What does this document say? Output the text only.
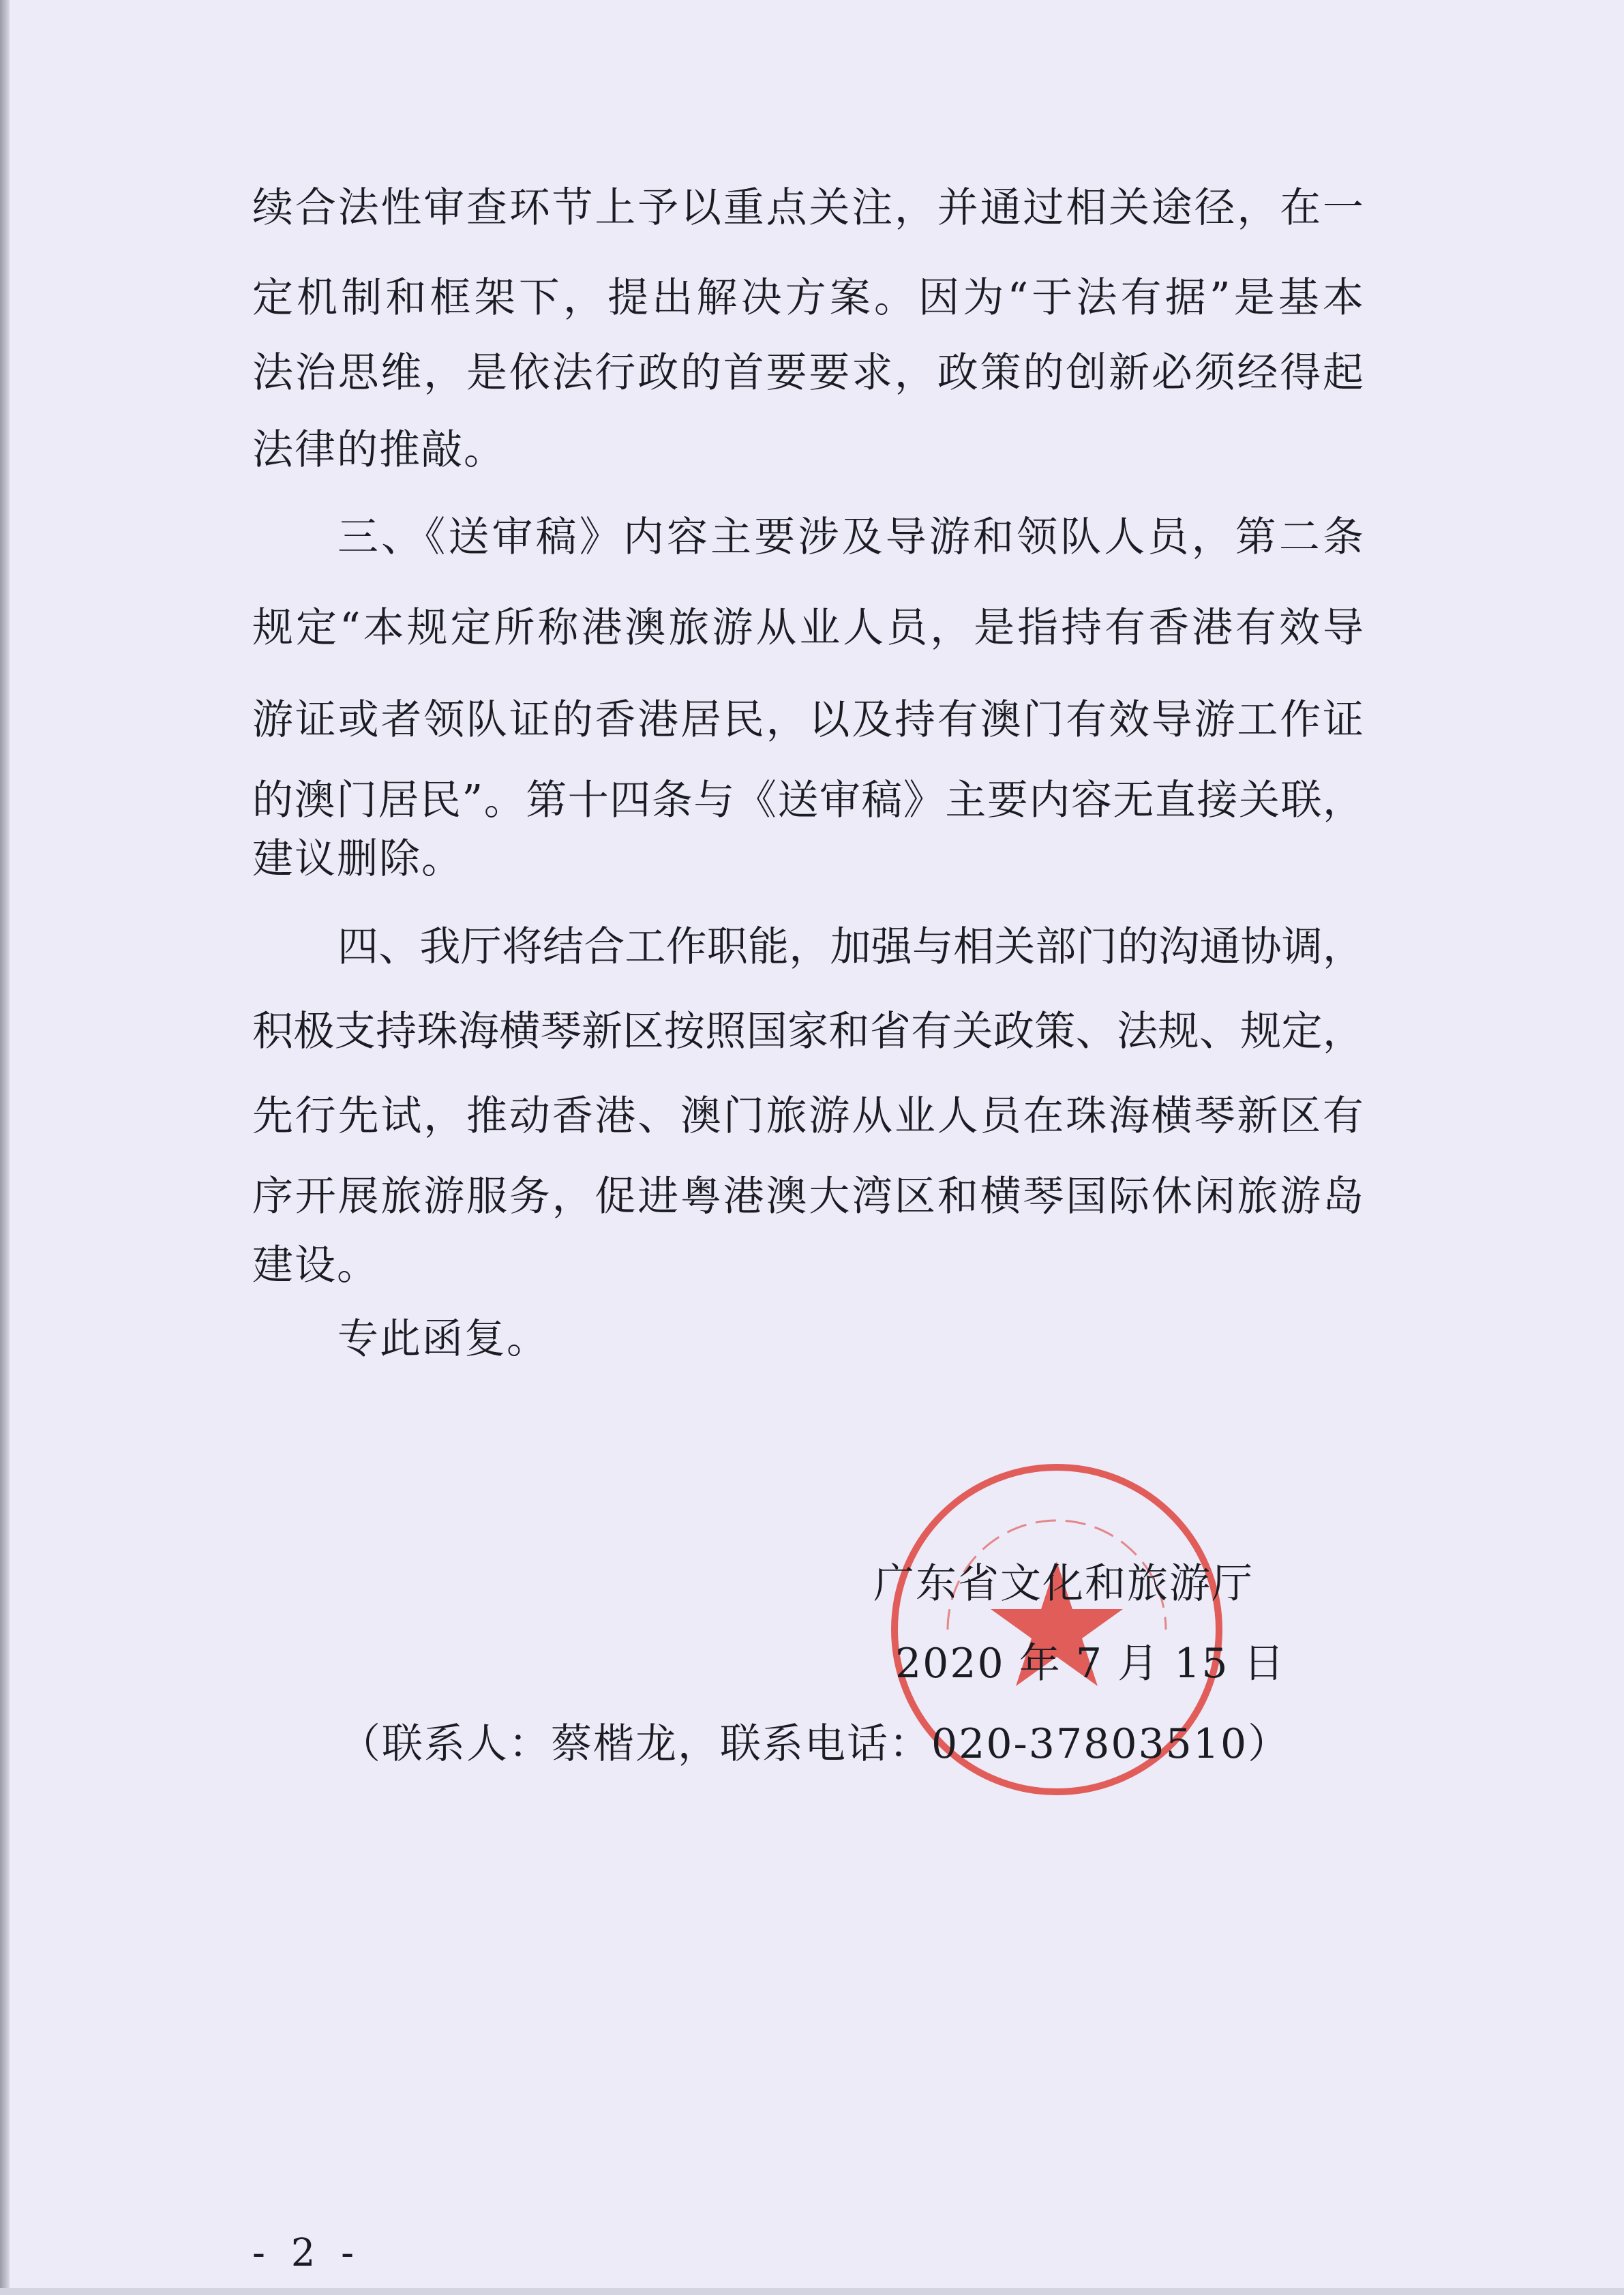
续合法性审查环节上予以重点关注，并通过相关途径，在一
定机制和框架下，提出解决方案。因为“于法有据”是基本
法治思维，是依法行政的首要要求，政策的创新必须经得起
法律的推敲。
三、《送审稿》内容主要涉及导游和领队人员，第二条
规定“本规定所称港澳旅游从业人员，是指持有香港有效导
游证或者领队证的香港居民，以及持有澳门有效导游工作证
的澳门居民”。第十四条与《送审稿》主要内容无直接关联，
建议删除。
四、我厅将结合工作职能，加强与相关部门的沟通协调，
积极支持珠海横琴新区按照国家和省有关政策、法规、规定，
先行先试，推动香港、澳门旅游从业人员在珠海横琴新区有
序开展旅游服务，促进粤港澳大湾区和横琴国际休闲旅游岛
建设。
专此函复。
广东省文化和旅游厅
2020 年 7 月 15 日
（联系人：蔡楷龙，联系电话：020-37803510）
- 2 -
